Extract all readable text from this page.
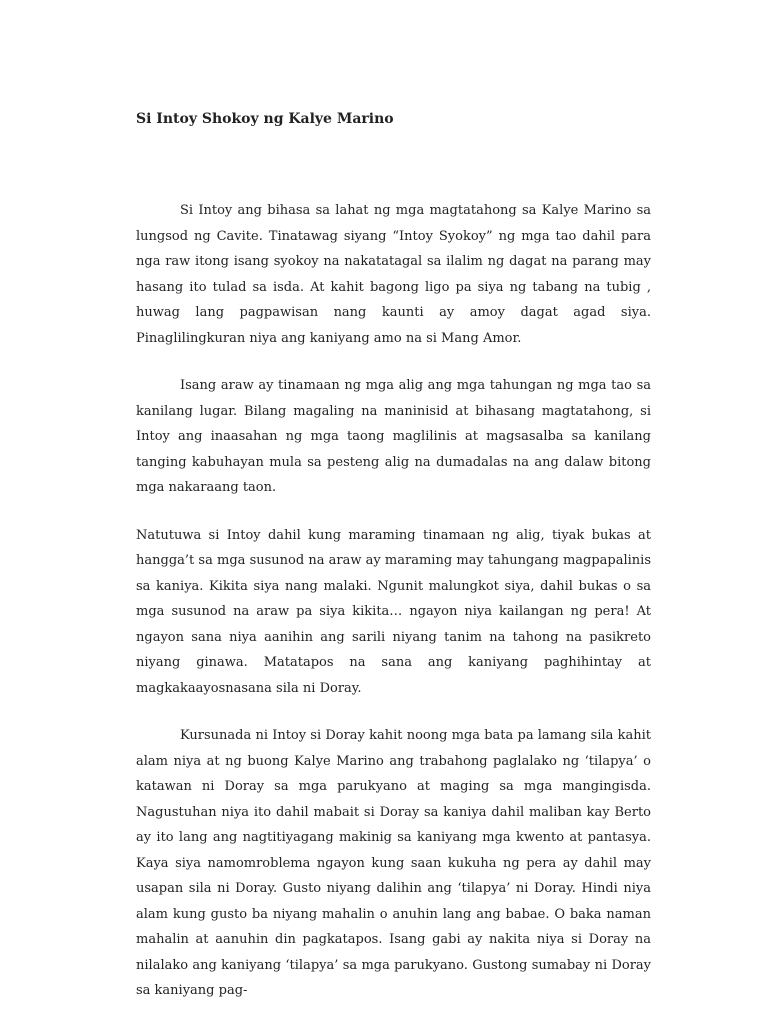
Si Intoy Shokoy ng Kalye Marino

Si Intoy ang bihasa sa lahat ng mga magtatahong sa Kalye Marino sa lungsod ng Cavite. Tinatawag siyang “Intoy Syokoy” ng mga tao dahil para nga raw itong isang syokoy na nakatatagal sa ilalim ng dagat na parang may hasang ito tulad sa isda. At kahit bagong ligo pa siya ng tabang na tubig , huwag lang pagpawisan nang kaunti ay amoy dagat agad siya. Pinaglilingkuran niya ang kaniyang amo na si Mang Amor.

Isang araw ay tinamaan ng mga alig ang mga tahungan ng mga tao sa kanilang lugar. Bilang magaling na maninisid at bihasang magtatahong, si Intoy ang inaasahan ng mga taong maglilinis at magsasalba sa kanilang tanging kabuhayan mula sa pesteng alig na dumadalas na ang dalaw bitong mga nakaraang taon.

Natutuwa si Intoy dahil kung maraming tinamaan ng alig, tiyak bukas at hangga’t sa mga susunod na araw ay maraming may tahungang magpapalinis sa kaniya. Kikita siya nang malaki. Ngunit malungkot siya, dahil bukas o sa mga susunod na araw pa siya kikita… ngayon niya kailangan ng pera! At ngayon sana niya aanihin ang sarili niyang tanim na tahong na pasikreto niyang ginawa. Matatapos na sana ang kaniyang paghihintay at magkakaayosnasana sila ni Doray.

Kursunada ni Intoy si Doray kahit noong mga bata pa lamang sila kahit alam niya at ng buong Kalye Marino ang trabahong paglalako ng ‘tilapya’ o katawan ni Doray sa mga parukyano at maging sa mga mangingisda. Nagustuhan niya ito dahil mabait si Doray sa kaniya dahil maliban kay Berto ay ito lang ang nagtitiyagang makinig sa kaniyang mga kwento at pantasya. Kaya siya namomroblema ngayon kung saan kukuha ng pera ay dahil may usapan sila ni Doray. Gusto niyang dalihin ang ‘tilapya’ ni Doray. Hindi niya alam kung gusto ba niyang mahalin o anuhin lang ang babae. O baka naman mahalin at aanuhin din pagkatapos. Isang gabi ay nakita niya si Doray na nilalako ang kaniyang ‘tilapya’ sa mga parukyano. Gustong sumabay ni Doray sa kaniyang pag-
